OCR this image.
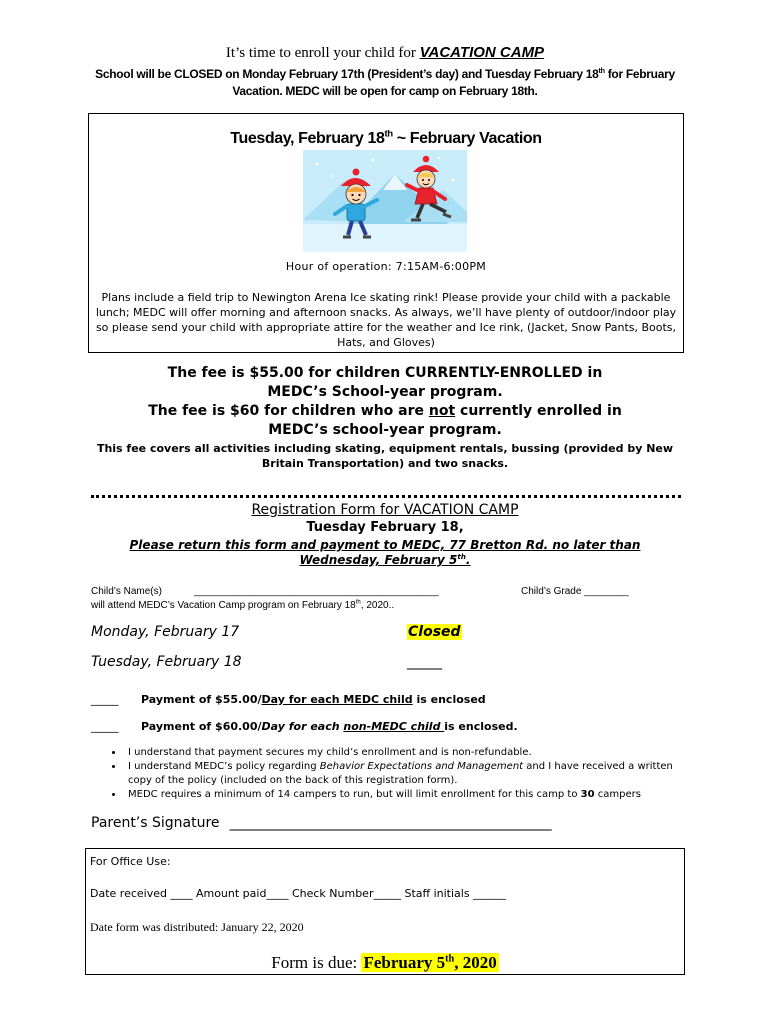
It’s time to enroll your child for VACATION CAMP
School will be CLOSED on Monday February 17th (President’s day) and Tuesday February 18th for February Vacation. MEDC will be open for camp on February 18th.
Tuesday, February 18th ~ February Vacation
Hour of operation: 7:15AM-6:00PM
Plans include a field trip to Newington Arena Ice skating rink! Please provide your child with a packable lunch; MEDC will offer morning and afternoon snacks. As always, we’ll have plenty of outdoor/indoor play so please send your child with appropriate attire for the weather and Ice rink, (Jacket, Snow Pants, Boots, Hats, and Gloves)
The fee is $55.00 for children CURRENTLY-ENROLLED in
MEDC’s School-year program.
The fee is $60 for children who are not currently enrolled in
MEDC’s school-year program.
This fee covers all activities including skating, equipment rentals, bussing (provided by New Britain Transportation) and two snacks.
Registration Form for VACATION CAMP
Tuesday February 18,
Please return this form and payment to MEDC, 77 Bretton Rd. no later than
Wednesday, February 5th.
Child’s Name(s)	____________________________________________	Child’s Grade ________
will attend MEDC’s Vacation Camp program on February 18th, 2020..
Monday, February 17	Closed
Tuesday, February 18	_____
_____ Payment of $55.00/Day for each MEDC child is enclosed
_____ Payment of $60.00/Day for each non-MEDC child is enclosed.
• I understand that payment secures my child’s enrollment and is non-refundable.
• I understand MEDC’s policy regarding Behavior Expectations and Management and I have received a written copy of the policy (included on the back of this registration form).
• MEDC requires a minimum of 14 campers to run, but will limit enrollment for this camp to 30 campers
Parent’s Signature ______________________________________________
For Office Use:
Date received ____ Amount paid____ Check Number_____ Staff initials ______
Date form was distributed: January 22, 2020
Form is due: February 5th, 2020
